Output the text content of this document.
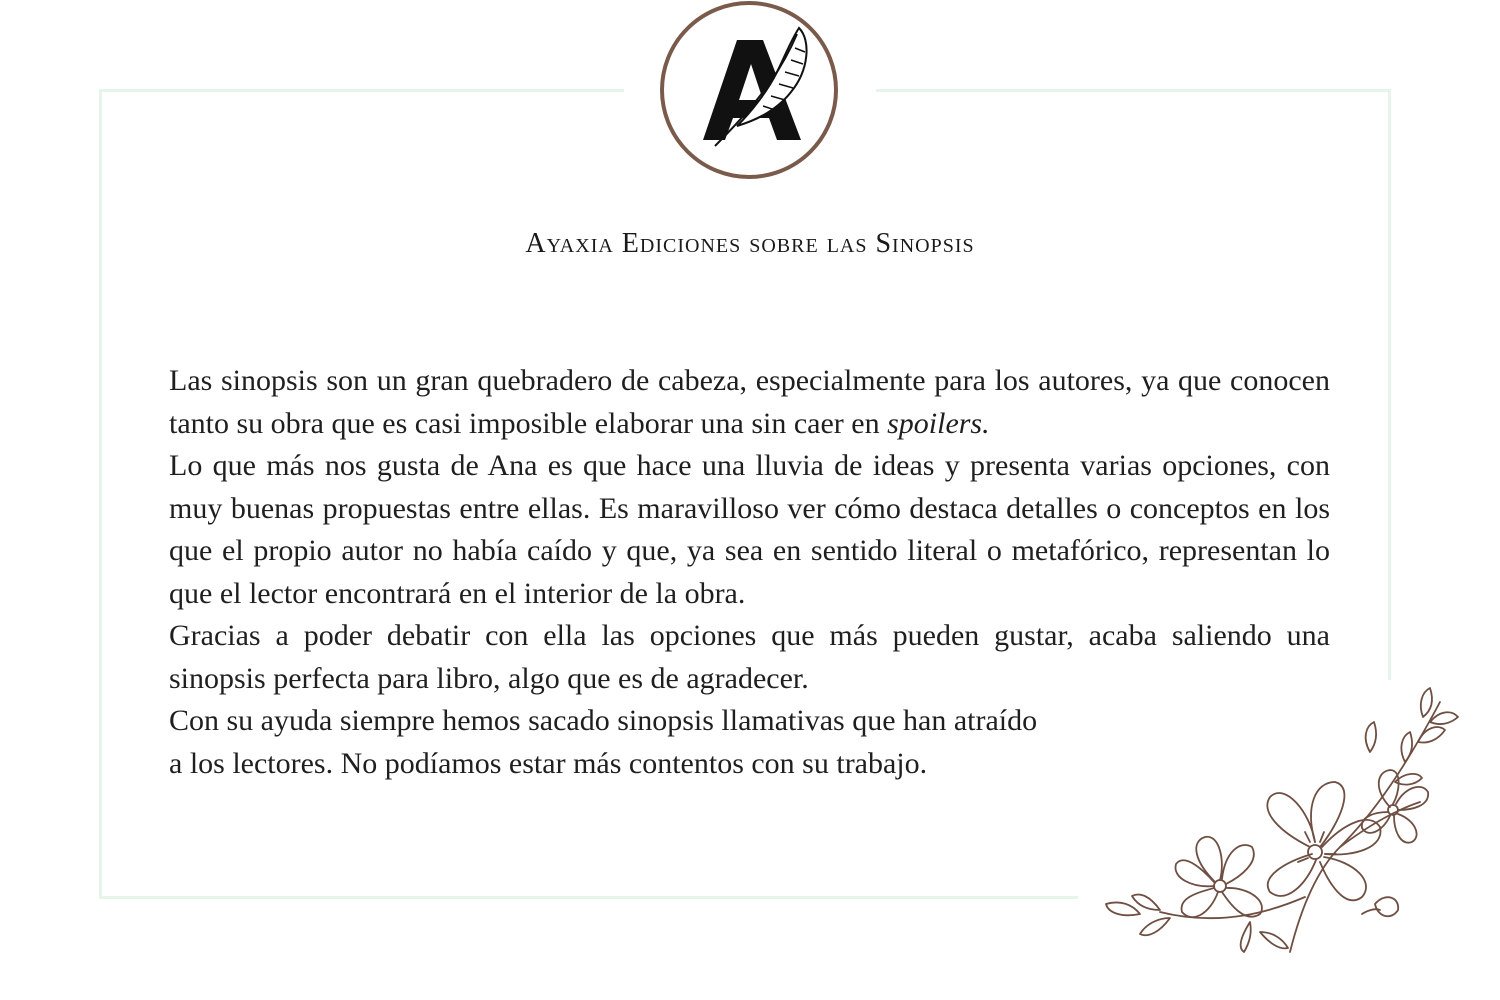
Ayaxia Ediciones sobre las Sinopsis

Las sinopsis son un gran quebradero de cabeza, especialmente para los autores, ya que conocen tanto su obra que es casi imposible elaborar una sin caer en spoilers.

Lo que más nos gusta de Ana es que hace una lluvia de ideas y presenta varias opciones, con muy buenas propuestas entre ellas. Es maravilloso ver cómo destaca detalles o conceptos en los que el propio autor no había caído y que, ya sea en sentido literal o metafórico, representan lo que el lector encontrará en el interior de la obra.

Gracias a poder debatir con ella las opciones que más pueden gustar, acaba saliendo una sinopsis perfecta para libro, algo que es de agradecer.

Con su ayuda siempre hemos sacado sinopsis llamativas que han atraído
a los lectores. No podíamos estar más contentos con su trabajo.
